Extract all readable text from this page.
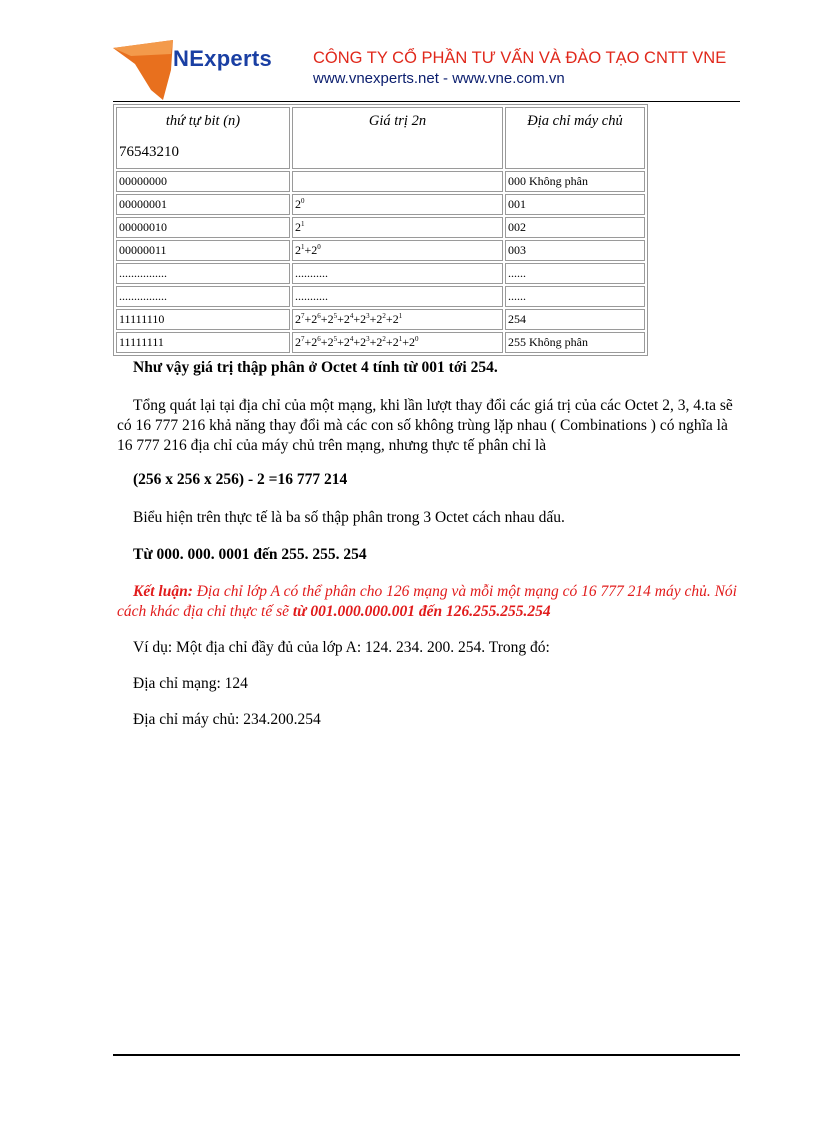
NExperts CÔNG TY CỔ PHẦN TƯ VẤN VÀ ĐÀO TẠO CNTT VNE
www.vnexperts.net - www.vne.com.vn
thứ tự bit (n)
76543210	Giá trị 2n	Địa chỉ máy chủ

00000000		000 Không phân
00000001	$2^0$	001
00000010	$2^1$	002
00000011	$2^1+2^0$	003
................	...........	......
................	...........	......
11111110	$2^7+2^6+2^5+2^4+2^3+2^2+2^1$	254
11111111	$2^7+2^6+2^5+2^4+2^3+2^2+2^1+2^0$	255 Không phân
Như vậy giá trị thập phân ở Octet 4 tính từ 001 tới 254.
Tổng quát lại tại địa chỉ của một mạng, khi lần lượt thay đổi các giá trị của các Octet 2, 3, 4.ta sẽ có 16 777 216 khả năng thay đổi mà các con số không trùng lặp nhau ( Combinations ) có nghĩa là 16 777 216 địa chỉ của máy chủ trên mạng, nhưng thực tế phân chỉ là
(256 x 256 x 256) - 2 =16 777 214
Biểu hiện trên thực tế là ba số thập phân trong 3 Octet cách nhau dấu.
Từ 000. 000. 0001 đến 255. 255. 254
Kết luận: Địa chỉ lớp A có thể phân cho 126 mạng và mỗi một mạng có 16 777 214 máy chủ. Nói cách khác địa chỉ thực tế sẽ từ 001.000.000.001 đến 126.255.255.254
Ví dụ: Một địa chỉ đầy đủ của lớp A: 124. 234. 200. 254. Trong đó:
Địa chỉ mạng: 124
Địa chỉ máy chủ: 234.200.254
